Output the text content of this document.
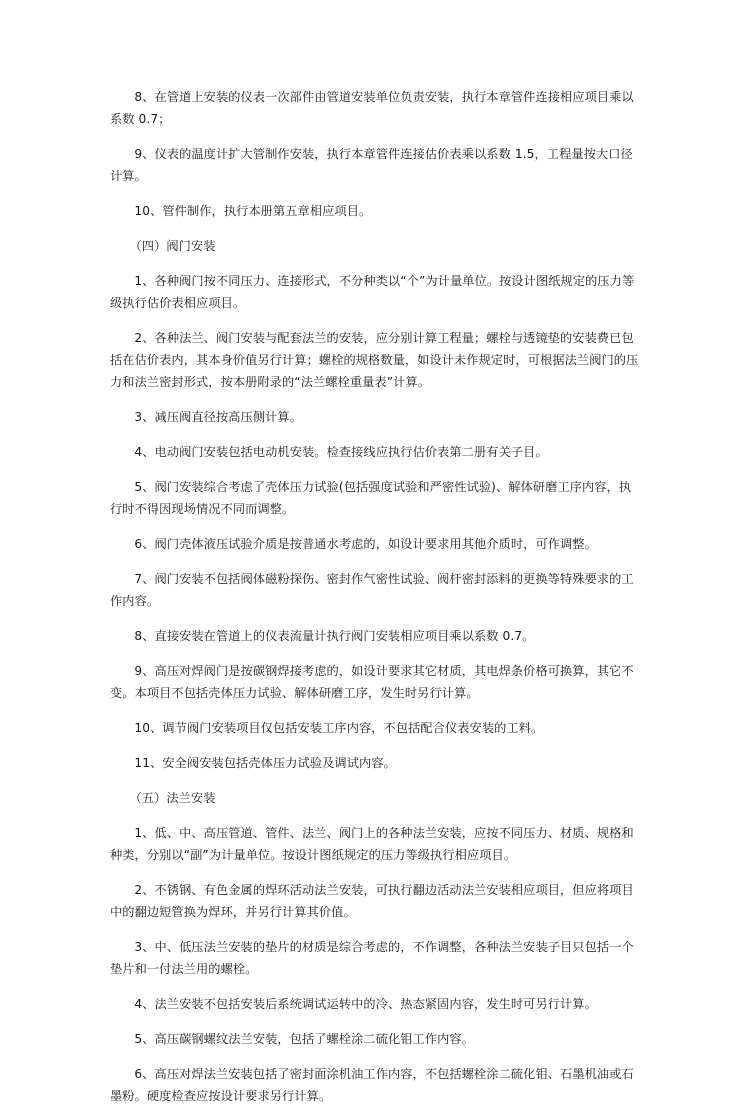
8、在管道上安装的仪表一次部件由管道安装单位负责安装，执行本章管件连接相应项目乘以系数 0.7；

9、仪表的温度计扩大管制作安装，执行本章管件连接估价表乘以系数 1.5，工程量按大口径计算。

10、管件制作，执行本册第五章相应项目。

（四）阀门安装

1、各种阀门按不同压力、连接形式，不分种类以“个”为计量单位。按设计图纸规定的压力等级执行估价表相应项目。

2、各种法兰、阀门安装与配套法兰的安装，应分别计算工程量；螺栓与透镜垫的安装费已包括在估价表内，其本身价值另行计算；螺栓的规格数量，如设计未作规定时，可根据法兰阀门的压力和法兰密封形式，按本册附录的“法兰螺栓重量表”计算。

3、减压阀直径按高压侧计算。

4、电动阀门安装包括电动机安装。检查接线应执行估价表第二册有关子目。

5、阀门安装综合考虑了壳体压力试验(包括强度试验和严密性试验)、解体研磨工序内容，执行时不得因现场情况不同而调整。

6、阀门壳体液压试验介质是按普通水考虑的，如设计要求用其他介质时，可作调整。

7、阀门安装不包括阀体磁粉探伤、密封作气密性试验、阀杆密封添料的更换等特殊要求的工作内容。

8、直接安装在管道上的仪表流量计执行阀门安装相应项目乘以系数 0.7。

9、高压对焊阀门是按碳钢焊接考虑的，如设计要求其它材质，其电焊条价格可换算，其它不变。本项目不包括壳体压力试验、解体研磨工序，发生时另行计算。

10、调节阀门安装项目仅包括安装工序内容，不包括配合仪表安装的工料。

11、安全阀安装包括壳体压力试验及调试内容。

（五）法兰安装

1、低、中、高压管道、管件、法兰、阀门上的各种法兰安装，应按不同压力、材质、规格和种类，分别以“副”为计量单位。按设计图纸规定的压力等级执行相应项目。

2、不锈钢、有色金属的焊环活动法兰安装，可执行翻边活动法兰安装相应项目，但应将项目中的翻边短管换为焊环，并另行计算其价值。

3、中、低压法兰安装的垫片的材质是综合考虑的，不作调整，各种法兰安装子目只包括一个垫片和一付法兰用的螺栓。

4、法兰安装不包括安装后系统调试运转中的冷、热态紧固内容，发生时可另行计算。

5、高压碳钢螺纹法兰安装，包括了螺栓涂二硫化钼工作内容。

6、高压对焊法兰安装包括了密封面涂机油工作内容，不包括螺栓涂二硫化钼、石墨机油或石墨粉。硬度检查应按设计要求另行计算。
